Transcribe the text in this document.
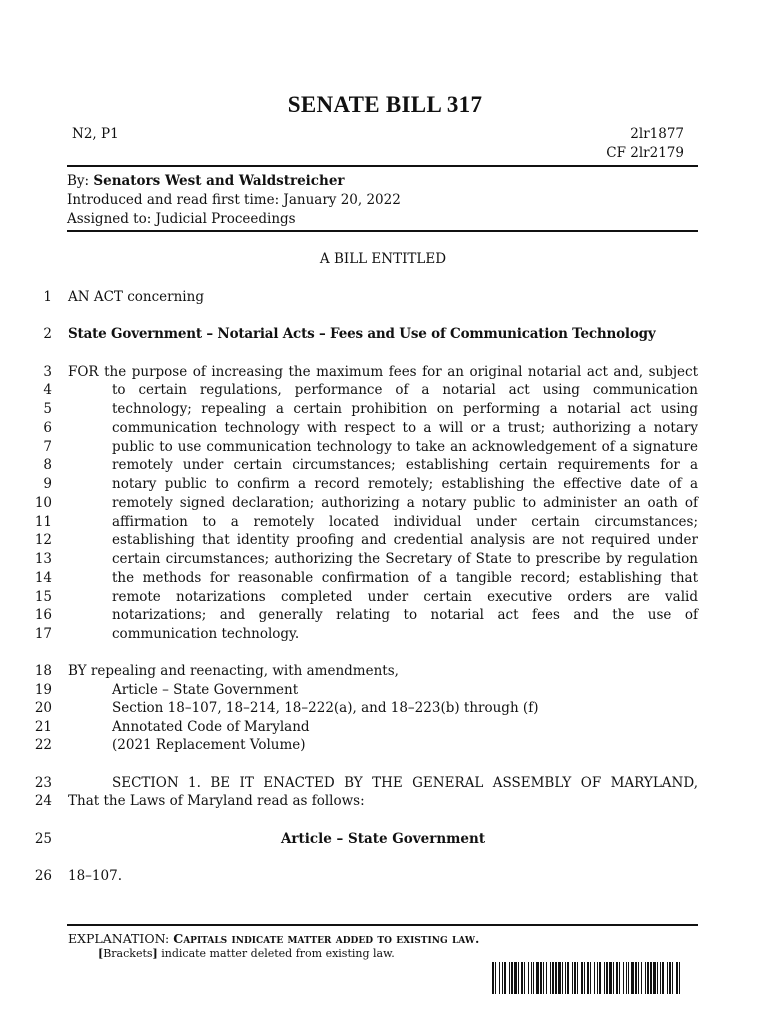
SENATE BILL 317
N2, P1	2lr1877
CF 2lr2179
By: Senators West and Waldstreicher
Introduced and read first time: January 20, 2022
Assigned to: Judicial Proceedings
A BILL ENTITLED
1 AN ACT concerning
2 State Government – Notarial Acts – Fees and Use of Communication Technology
3 FOR the purpose of increasing the maximum fees for an original notarial act and, subject
4	to certain regulations, performance of a notarial act using communication
5	technology; repealing a certain prohibition on performing a notarial act using
6	communication technology with respect to a will or a trust; authorizing a notary
7	public to use communication technology to take an acknowledgement of a signature
8	remotely under certain circumstances; establishing certain requirements for a
9	notary public to confirm a record remotely; establishing the effective date of a
10	remotely signed declaration; authorizing a notary public to administer an oath of
11	affirmation to a remotely located individual under certain circumstances;
12	establishing that identity proofing and credential analysis are not required under
13	certain circumstances; authorizing the Secretary of State to prescribe by regulation
14	the methods for reasonable confirmation of a tangible record; establishing that
15	remote notarizations completed under certain executive orders are valid
16	notarizations; and generally relating to notarial act fees and the use of
17	communication technology.
18 BY repealing and reenacting, with amendments,
19	Article – State Government
20	Section 18–107, 18–214, 18–222(a), and 18–223(b) through (f)
21	Annotated Code of Maryland
22	(2021 Replacement Volume)
23	SECTION 1. BE IT ENACTED BY THE GENERAL ASSEMBLY OF MARYLAND,
24 That the Laws of Maryland read as follows:
25	Article – State Government
26 18–107.
EXPLANATION: Capitals indicate matter added to existing law.
[Brackets] indicate matter deleted from existing law.
